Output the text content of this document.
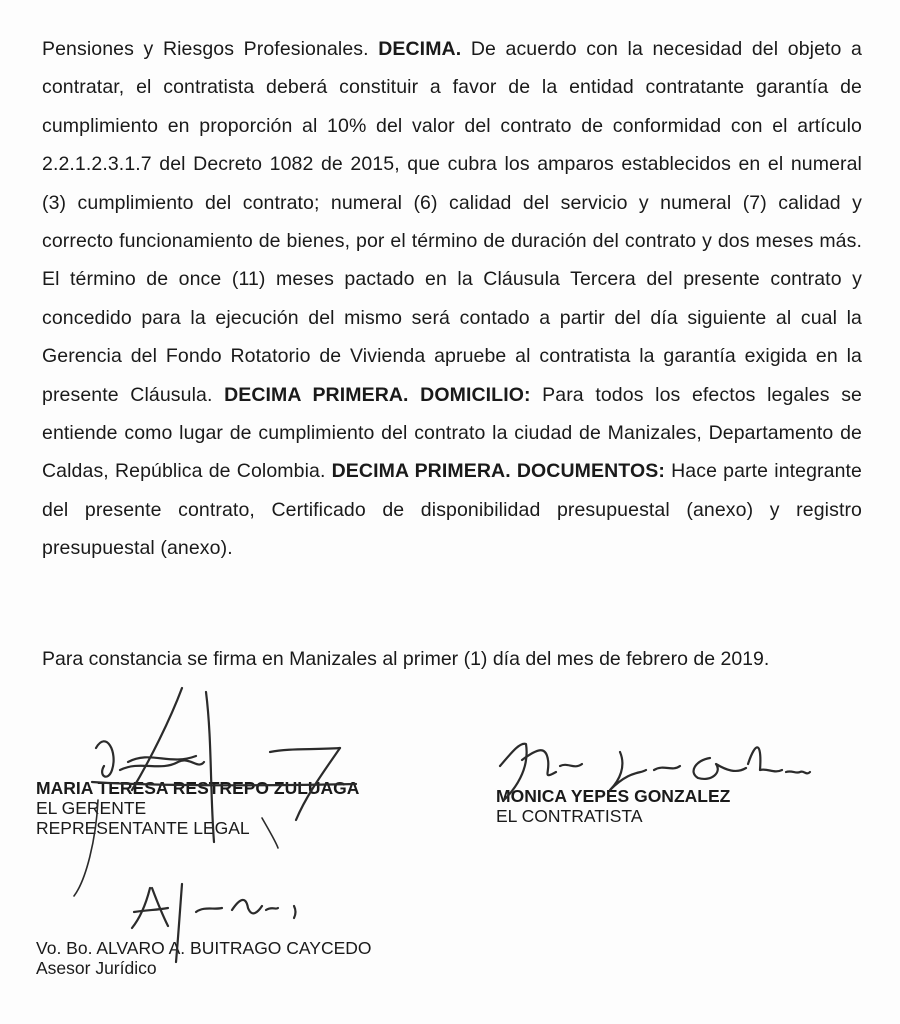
Pensiones y Riesgos Profesionales. DECIMA. De acuerdo con la necesidad del objeto a contratar, el contratista deberá constituir a favor de la entidad contratante garantía de cumplimiento en proporción al 10% del valor del contrato de conformidad con el artículo 2.2.1.2.3.1.7 del Decreto 1082 de 2015, que cubra los amparos establecidos en el numeral (3) cumplimiento del contrato; numeral (6) calidad del servicio y numeral (7) calidad y correcto funcionamiento de bienes, por el término de duración del contrato y dos meses más. El término de once (11) meses pactado en la Cláusula Tercera del presente contrato y concedido para la ejecución del mismo será contado a partir del día siguiente al cual la Gerencia del Fondo Rotatorio de Vivienda apruebe al contratista la garantía exigida en la presente Cláusula. DECIMA PRIMERA. DOMICILIO: Para todos los efectos legales se entiende como lugar de cumplimiento del contrato la ciudad de Manizales, Departamento de Caldas, República de Colombia. DECIMA PRIMERA. DOCUMENTOS: Hace parte integrante del presente contrato, Certificado de disponibilidad presupuestal (anexo) y registro presupuestal (anexo).

Para constancia se firma en Manizales al primer (1) día del mes de febrero de 2019.

MARIA TERESA RESTREPO ZULUAGA
EL GERENTE
REPRESENTANTE LEGAL
MONICA YEPES GONZALEZ
EL CONTRATISTA
Vo. Bo. ALVARO A. BUITRAGO CAYCEDO
Asesor Jurídico
